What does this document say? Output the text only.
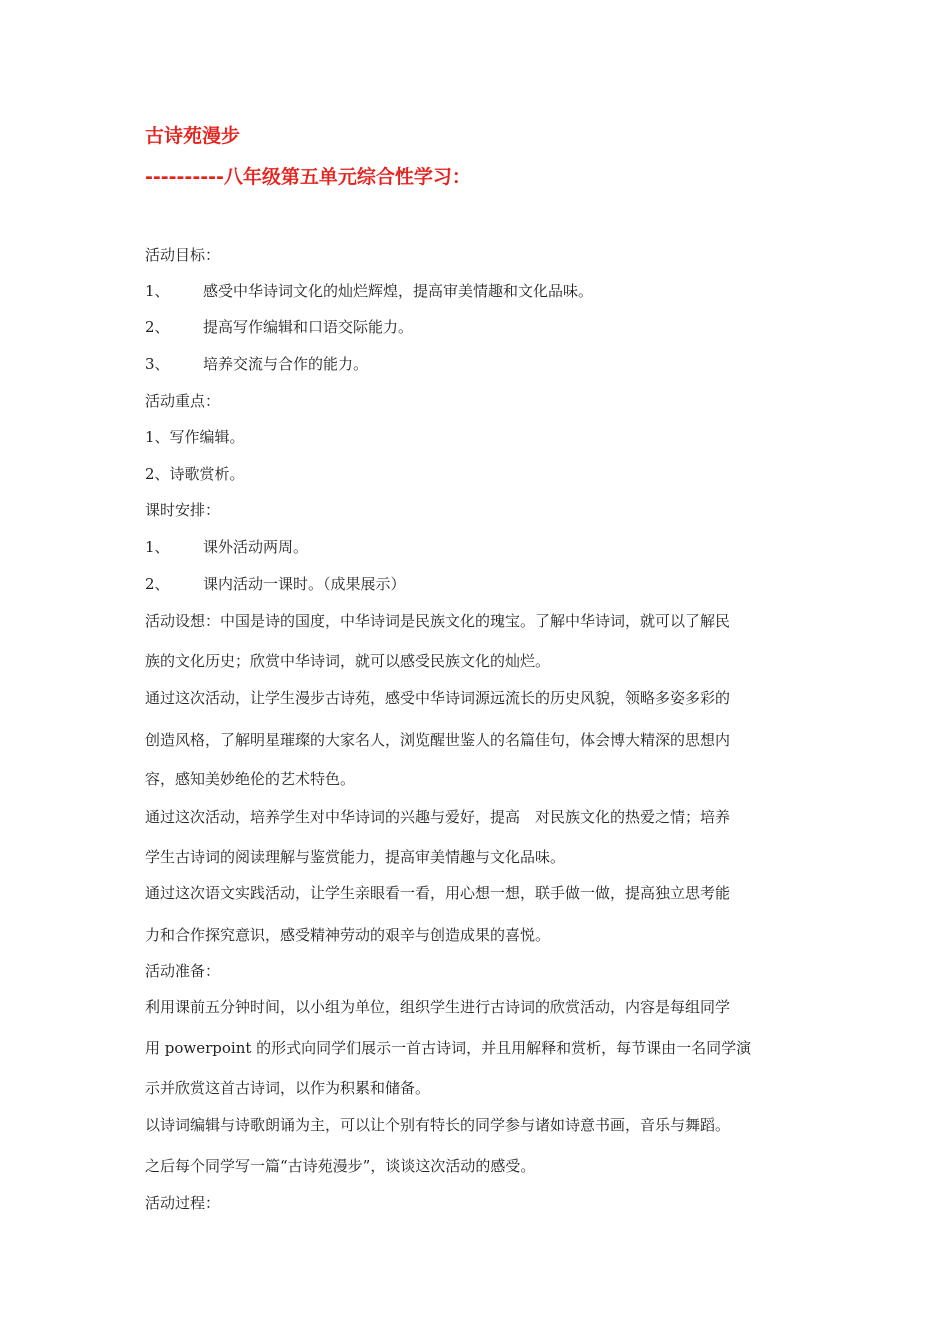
古诗苑漫步
----------八年级第五单元综合性学习：
活动目标：
1、 感受中华诗词文化的灿烂辉煌，提高审美情趣和文化品味。
2、 提高写作编辑和口语交际能力。
3、 培养交流与合作的能力。
活动重点：
1、写作编辑。
2、诗歌赏析。
课时安排：
1、 课外活动两周。
2、 课内活动一课时。（成果展示）
活动设想：中国是诗的国度，中华诗词是民族文化的瑰宝。了解中华诗词，就可以了解民
族的文化历史；欣赏中华诗词，就可以感受民族文化的灿烂。
通过这次活动，让学生漫步古诗苑，感受中华诗词源远流长的历史风貌，领略多姿多彩的
创造风格，了解明星璀璨的大家名人，浏览醒世鉴人的名篇佳句，体会博大精深的思想内
容，感知美妙绝伦的艺术特色。
通过这次活动，培养学生对中华诗词的兴趣与爱好，提高　对民族文化的热爱之情；培养
学生古诗词的阅读理解与鉴赏能力，提高审美情趣与文化品味。
通过这次语文实践活动，让学生亲眼看一看，用心想一想，联手做一做，提高独立思考能
力和合作探究意识，感受精神劳动的艰辛与创造成果的喜悦。
活动准备：
利用课前五分钟时间，以小组为单位，组织学生进行古诗词的欣赏活动，内容是每组同学
用 powerpoint 的形式向同学们展示一首古诗词，并且用解释和赏析，每节课由一名同学演
示并欣赏这首古诗词，以作为积累和储备。
以诗词编辑与诗歌朗诵为主，可以让个别有特长的同学参与诸如诗意书画，音乐与舞蹈。
之后每个同学写一篇“古诗苑漫步”，谈谈这次活动的感受。
活动过程：
